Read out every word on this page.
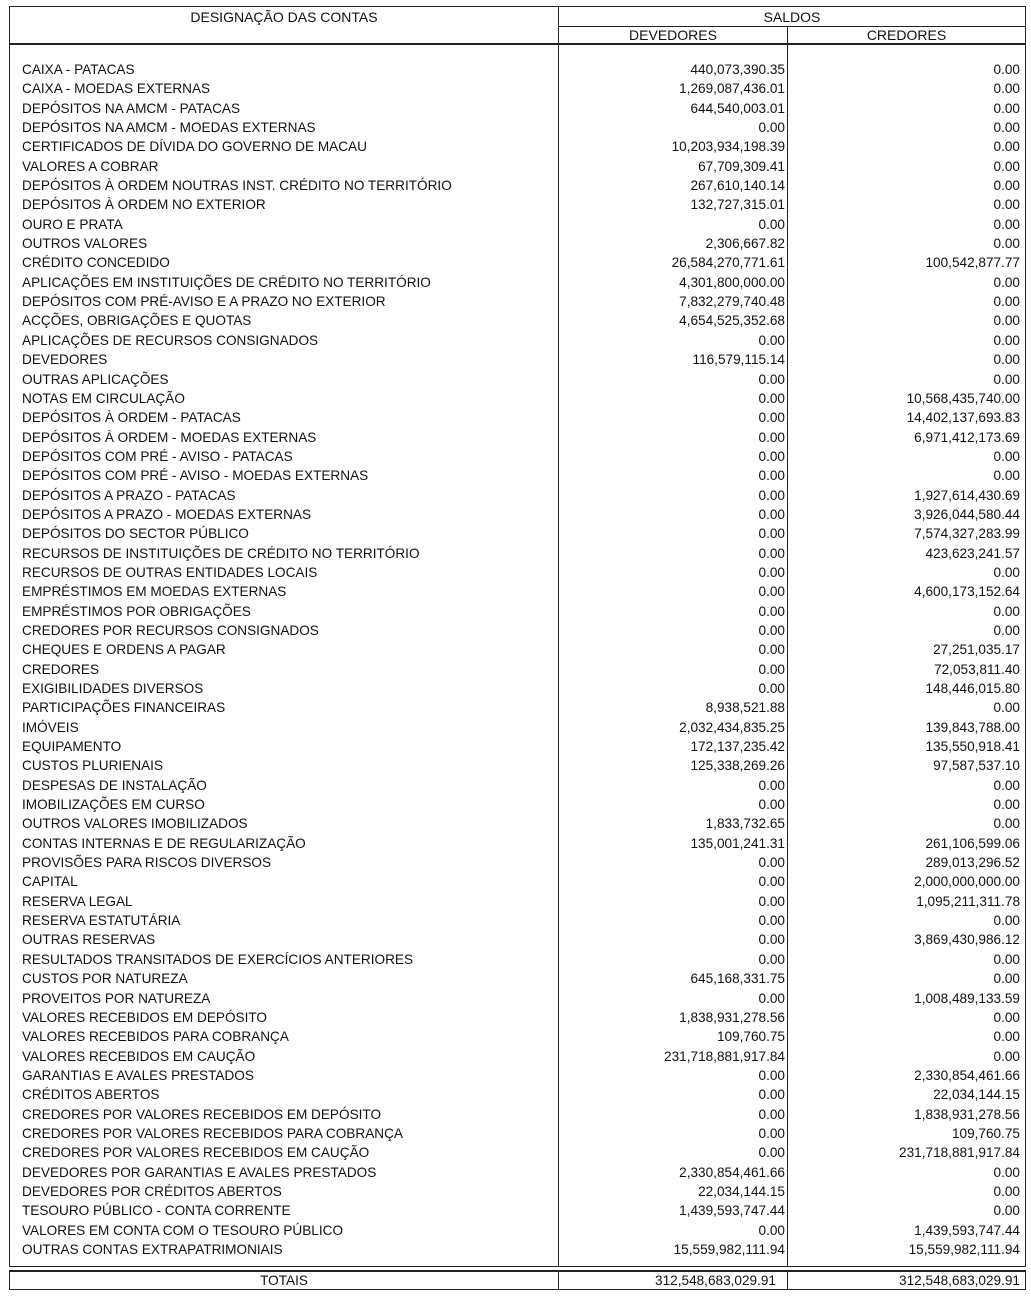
DESIGNAÇÃO DAS CONTAS	SALDOS
DEVEDORES	CREDORES
CAIXA - PATACAS	440,073,390.35	0.00
CAIXA - MOEDAS EXTERNAS	1,269,087,436.01	0.00
DEPÓSITOS NA AMCM - PATACAS	644,540,003.01	0.00
DEPÓSITOS NA AMCM - MOEDAS EXTERNAS	0.00	0.00
CERTIFICADOS DE DÍVIDA DO GOVERNO DE MACAU	10,203,934,198.39	0.00
VALORES A COBRAR	67,709,309.41	0.00
DEPÓSITOS À ORDEM NOUTRAS INST. CRÉDITO NO TERRITÓRIO	267,610,140.14	0.00
DEPÓSITOS À ORDEM NO EXTERIOR	132,727,315.01	0.00
OURO E PRATA	0.00	0.00
OUTROS VALORES	2,306,667.82	0.00
CRÉDITO CONCEDIDO	26,584,270,771.61	100,542,877.77
APLICAÇÕES EM INSTITUIÇÕES DE CRÉDITO NO TERRITÓRIO	4,301,800,000.00	0.00
DEPÓSITOS COM PRÉ-AVISO E A PRAZO NO EXTERIOR	7,832,279,740.48	0.00
ACÇÕES, OBRIGAÇÕES E QUOTAS	4,654,525,352.68	0.00
APLICAÇÕES DE RECURSOS CONSIGNADOS	0.00	0.00
DEVEDORES	116,579,115.14	0.00
OUTRAS APLICAÇÕES	0.00	0.00
NOTAS EM CIRCULAÇÃO	0.00	10,568,435,740.00
DEPÓSITOS À ORDEM - PATACAS	0.00	14,402,137,693.83
DEPÓSITOS À ORDEM - MOEDAS EXTERNAS	0.00	6,971,412,173.69
DEPÓSITOS COM PRÉ - AVISO - PATACAS	0.00	0.00
DEPÓSITOS COM PRÉ - AVISO - MOEDAS EXTERNAS	0.00	0.00
DEPÓSITOS A PRAZO - PATACAS	0.00	1,927,614,430.69
DEPÓSITOS A PRAZO - MOEDAS EXTERNAS	0.00	3,926,044,580.44
DEPÓSITOS DO SECTOR PÚBLICO	0.00	7,574,327,283.99
RECURSOS DE INSTITUIÇÕES DE CRÉDITO NO TERRITÓRIO	0.00	423,623,241.57
RECURSOS DE OUTRAS ENTIDADES LOCAIS	0.00	0.00
EMPRÉSTIMOS EM MOEDAS EXTERNAS	0.00	4,600,173,152.64
EMPRÉSTIMOS POR OBRIGAÇÕES	0.00	0.00
CREDORES POR RECURSOS CONSIGNADOS	0.00	0.00
CHEQUES E ORDENS A PAGAR	0.00	27,251,035.17
CREDORES	0.00	72,053,811.40
EXIGIBILIDADES DIVERSOS	0.00	148,446,015.80
PARTICIPAÇÕES FINANCEIRAS	8,938,521.88	0.00
IMÓVEIS	2,032,434,835.25	139,843,788.00
EQUIPAMENTO	172,137,235.42	135,550,918.41
CUSTOS PLURIENAIS	125,338,269.26	97,587,537.10
DESPESAS DE INSTALAÇÃO	0.00	0.00
IMOBILIZAÇÕES EM CURSO	0.00	0.00
OUTROS VALORES IMOBILIZADOS	1,833,732.65	0.00
CONTAS INTERNAS E DE REGULARIZAÇÃO	135,001,241.31	261,106,599.06
PROVISÕES PARA RISCOS DIVERSOS	0.00	289,013,296.52
CAPITAL	0.00	2,000,000,000.00
RESERVA LEGAL	0.00	1,095,211,311.78
RESERVA ESTATUTÁRIA	0.00	0.00
OUTRAS RESERVAS	0.00	3,869,430,986.12
RESULTADOS TRANSITADOS DE EXERCÍCIOS ANTERIORES	0.00	0.00
CUSTOS POR NATUREZA	645,168,331.75	0.00
PROVEITOS POR NATUREZA	0.00	1,008,489,133.59
VALORES RECEBIDOS EM DEPÓSITO	1,838,931,278.56	0.00
VALORES RECEBIDOS PARA COBRANÇA	109,760.75	0.00
VALORES RECEBIDOS EM CAUÇÃO	231,718,881,917.84	0.00
GARANTIAS E AVALES PRESTADOS	0.00	2,330,854,461.66
CRÉDITOS ABERTOS	0.00	22,034,144.15
CREDORES POR VALORES RECEBIDOS EM DEPÓSITO	0.00	1,838,931,278.56
CREDORES POR VALORES RECEBIDOS PARA COBRANÇA	0.00	109,760.75
CREDORES POR VALORES RECEBIDOS EM CAUÇÃO	0.00	231,718,881,917.84
DEVEDORES POR GARANTIAS E AVALES PRESTADOS	2,330,854,461.66	0.00
DEVEDORES POR CRÉDITOS ABERTOS	22,034,144.15	0.00
TESOURO PÚBLICO - CONTA CORRENTE	1,439,593,747.44	0.00
VALORES EM CONTA COM O TESOURO PÚBLICO	0.00	1,439,593,747.44
OUTRAS CONTAS EXTRAPATRIMONIAIS	15,559,982,111.94	15,559,982,111.94
TOTAIS	312,548,683,029.91	312,548,683,029.91
